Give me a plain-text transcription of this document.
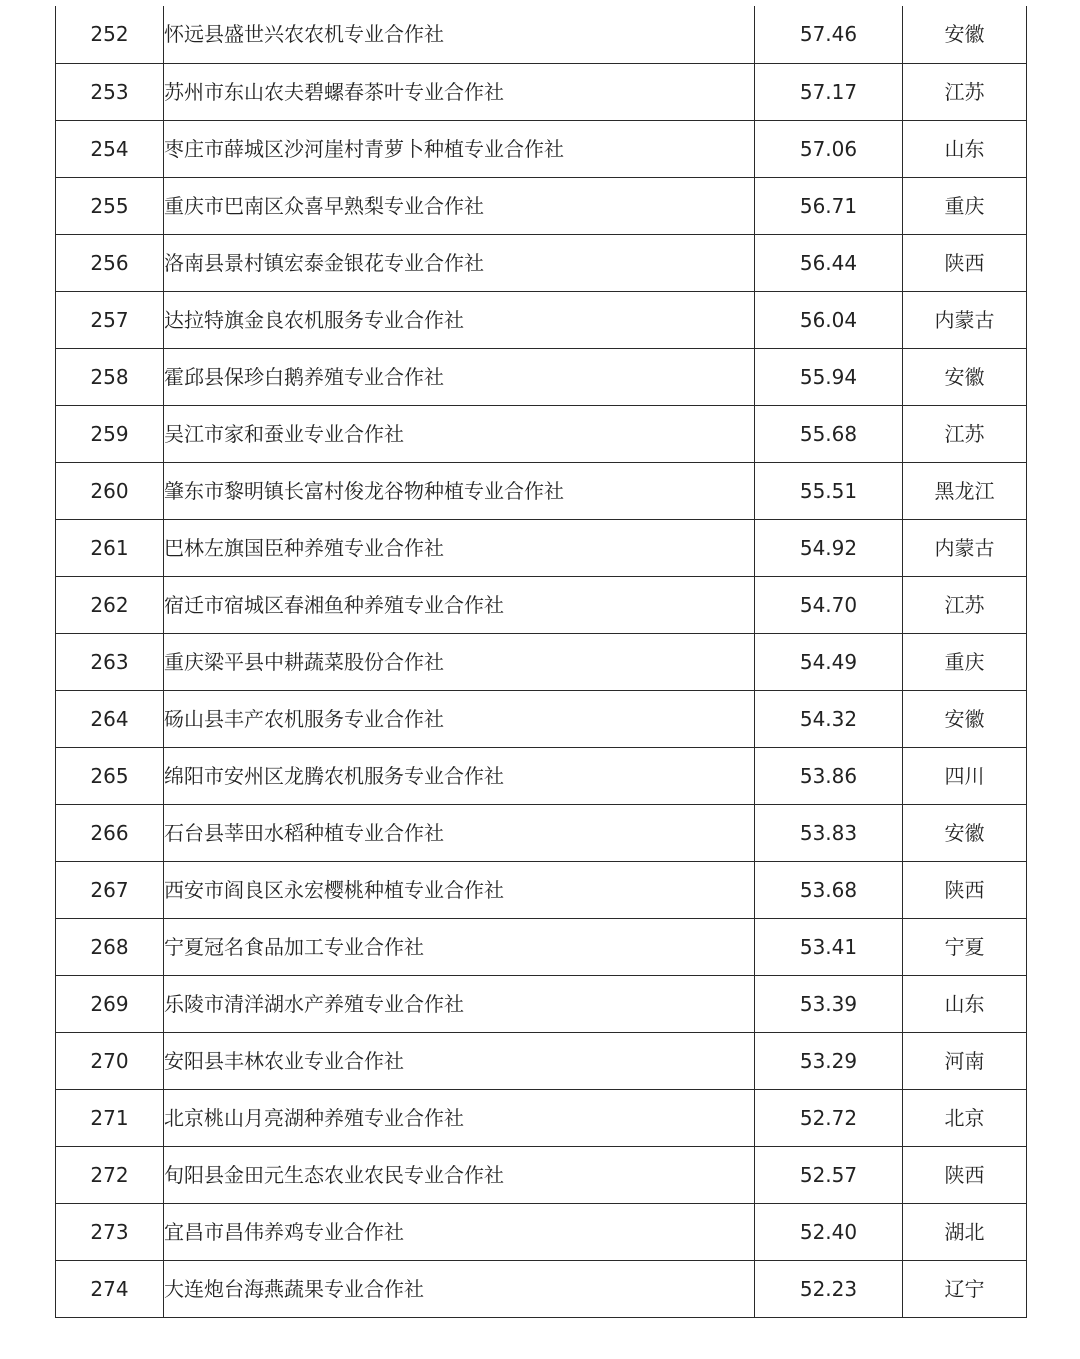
252	怀远县盛世兴农农机专业合作社	57.46	安徽
253	苏州市东山农夫碧螺春茶叶专业合作社	57.17	江苏
254	枣庄市薛城区沙河崖村青萝卜种植专业合作社	57.06	山东
255	重庆市巴南区众喜早熟梨专业合作社	56.71	重庆
256	洛南县景村镇宏泰金银花专业合作社	56.44	陕西
257	达拉特旗金良农机服务专业合作社	56.04	内蒙古
258	霍邱县保珍白鹅养殖专业合作社	55.94	安徽
259	吴江市家和蚕业专业合作社	55.68	江苏
260	肇东市黎明镇长富村俊龙谷物种植专业合作社	55.51	黑龙江
261	巴林左旗国臣种养殖专业合作社	54.92	内蒙古
262	宿迁市宿城区春湘鱼种养殖专业合作社	54.70	江苏
263	重庆梁平县中耕蔬菜股份合作社	54.49	重庆
264	砀山县丰产农机服务专业合作社	54.32	安徽
265	绵阳市安州区龙腾农机服务专业合作社	53.86	四川
266	石台县莘田水稻种植专业合作社	53.83	安徽
267	西安市阎良区永宏樱桃种植专业合作社	53.68	陕西
268	宁夏冠名食品加工专业合作社	53.41	宁夏
269	乐陵市清洋湖水产养殖专业合作社	53.39	山东
270	安阳县丰林农业专业合作社	53.29	河南
271	北京桃山月亮湖种养殖专业合作社	52.72	北京
272	旬阳县金田元生态农业农民专业合作社	52.57	陕西
273	宜昌市昌伟养鸡专业合作社	52.40	湖北
274	大连炮台海燕蔬果专业合作社	52.23	辽宁
